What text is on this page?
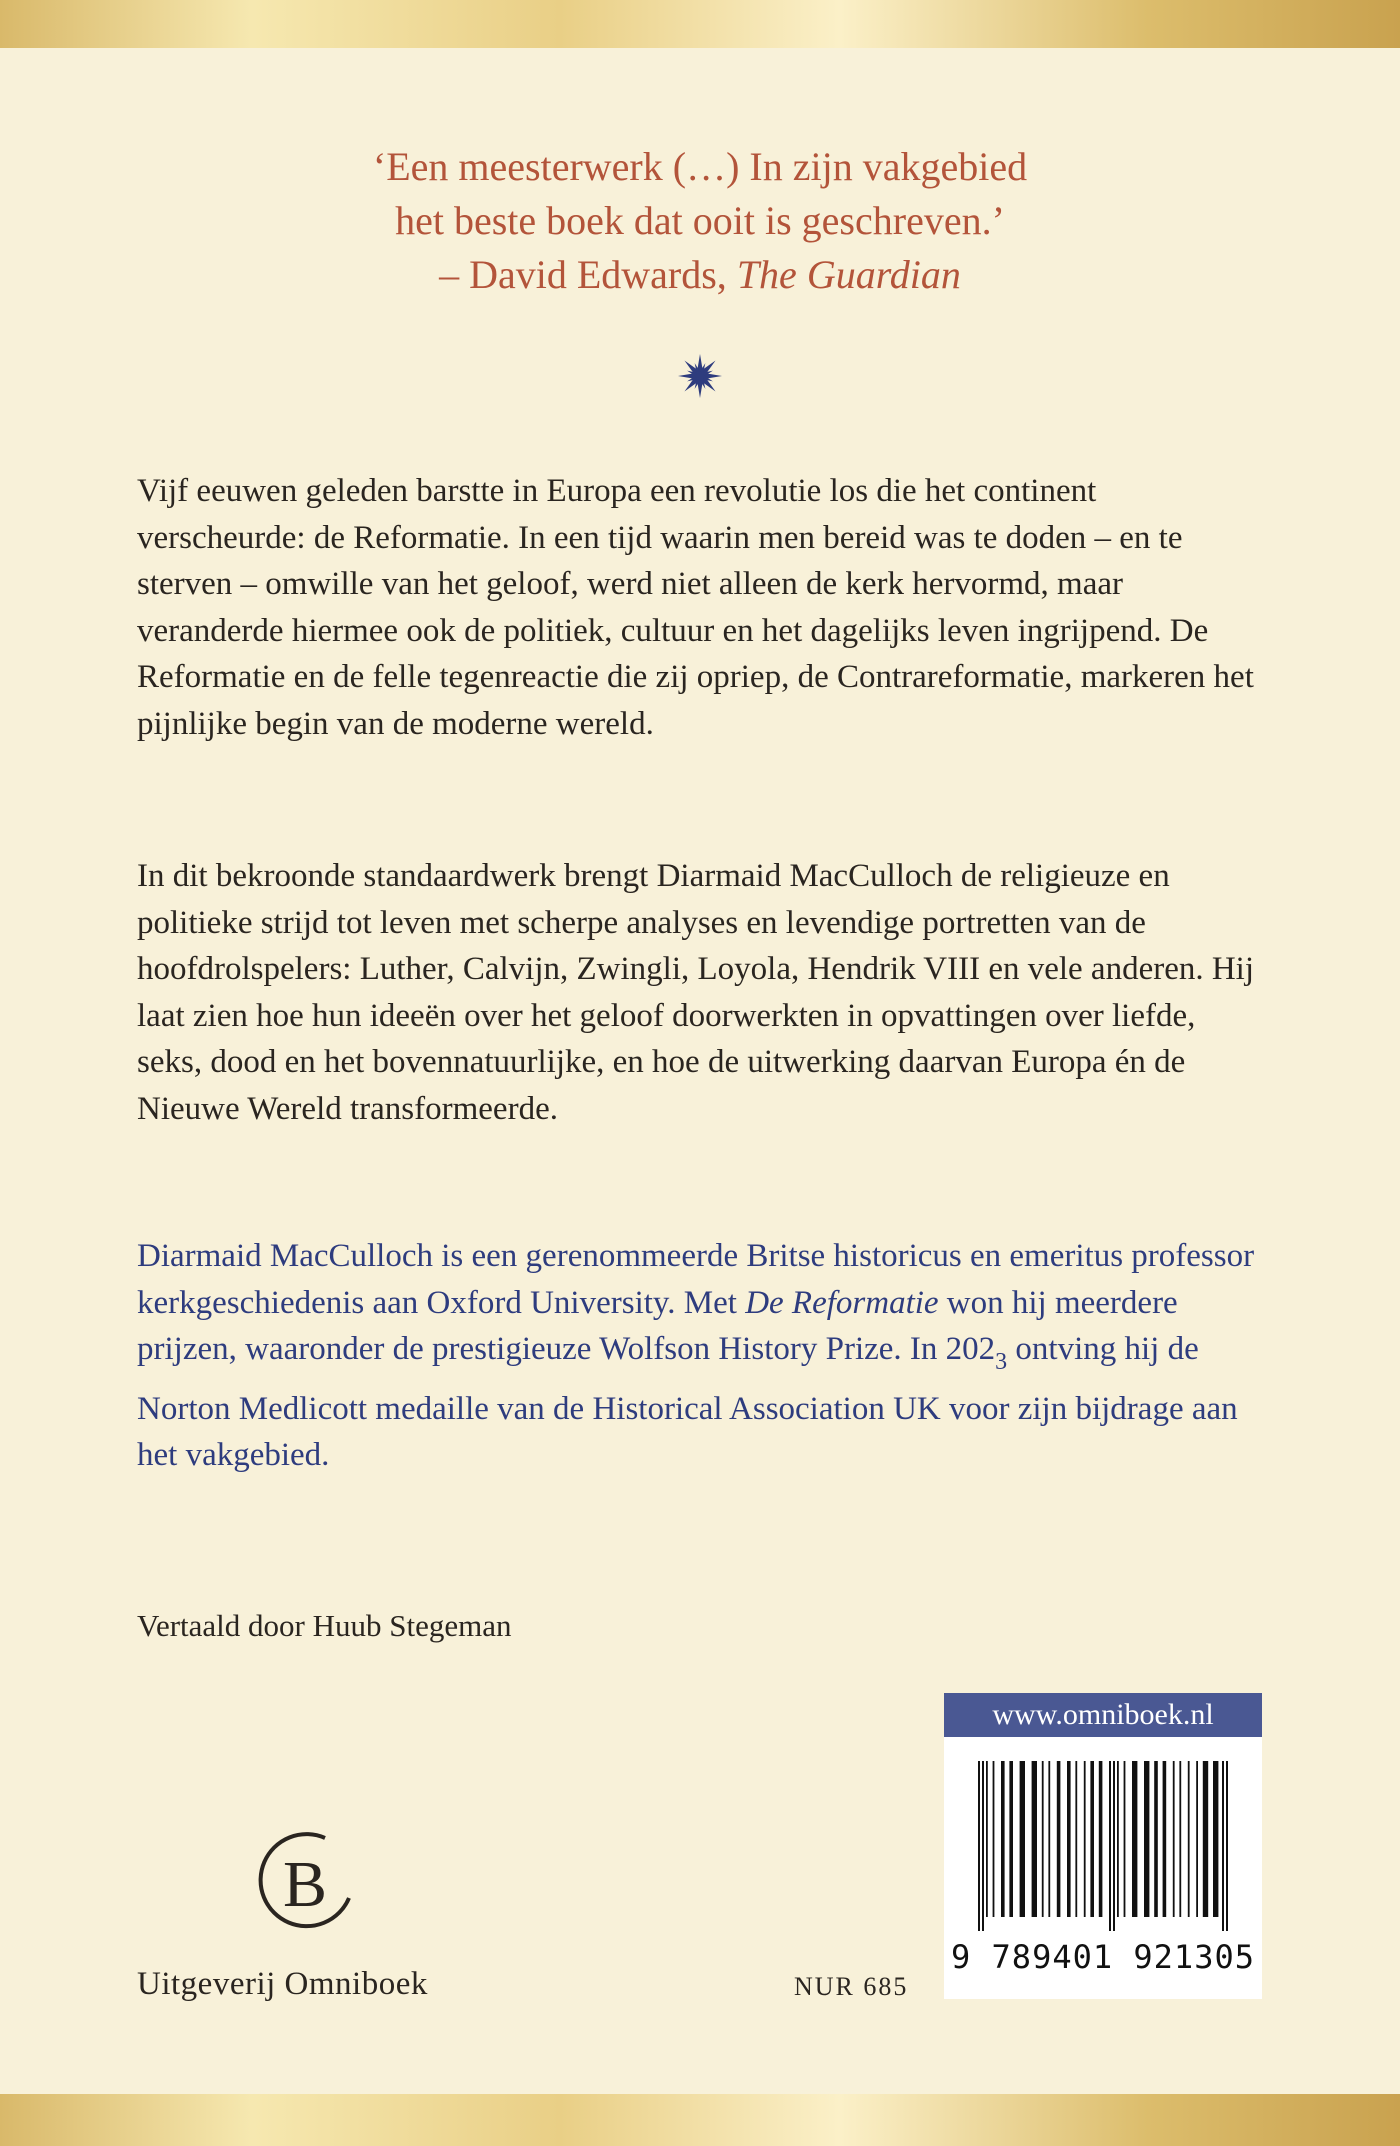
‘Een meesterwerk (…) In zijn vakgebied
het beste boek dat ooit is geschreven.’
– David Edwards, The Guardian

Vijf eeuwen geleden barstte in Europa een revolutie los die het continent verscheurde: de Reformatie. In een tijd waarin men bereid was te doden – en te sterven – omwille van het geloof, werd niet alleen de kerk hervormd, maar veranderde hiermee ook de politiek, cultuur en het dagelijks leven ingrijpend. De Reformatie en de felle tegenreactie die zij opriep, de Contrareformatie, markeren het pijnlijke begin van de moderne wereld.

In dit bekroonde standaardwerk brengt Diarmaid MacCulloch de religieuze en politieke strijd tot leven met scherpe analyses en levendige portretten van de hoofdrolspelers: Luther, Calvijn, Zwingli, Loyola, Hendrik VIII en vele anderen. Hij laat zien hoe hun ideeën over het geloof doorwerkten in opvattingen over liefde, seks, dood en het bovennatuurlijke, en hoe de uitwerking daarvan Europa én de Nieuwe Wereld transformeerde.

Diarmaid MacCulloch is een gerenommeerde Britse historicus en emeritus professor kerkgeschiedenis aan Oxford University. Met De Reformatie won hij meerdere prijzen, waaronder de prestigieuze Wolfson History Prize. In $202_3$ ontving hij de Norton Medlicott medaille van de Historical Association UK voor zijn bijdrage aan het vakgebied.

Vertaald door Huub Stegeman
www.omniboek.nl
9 789401 921305
B
Uitgeverij Omniboek	NUR 685
